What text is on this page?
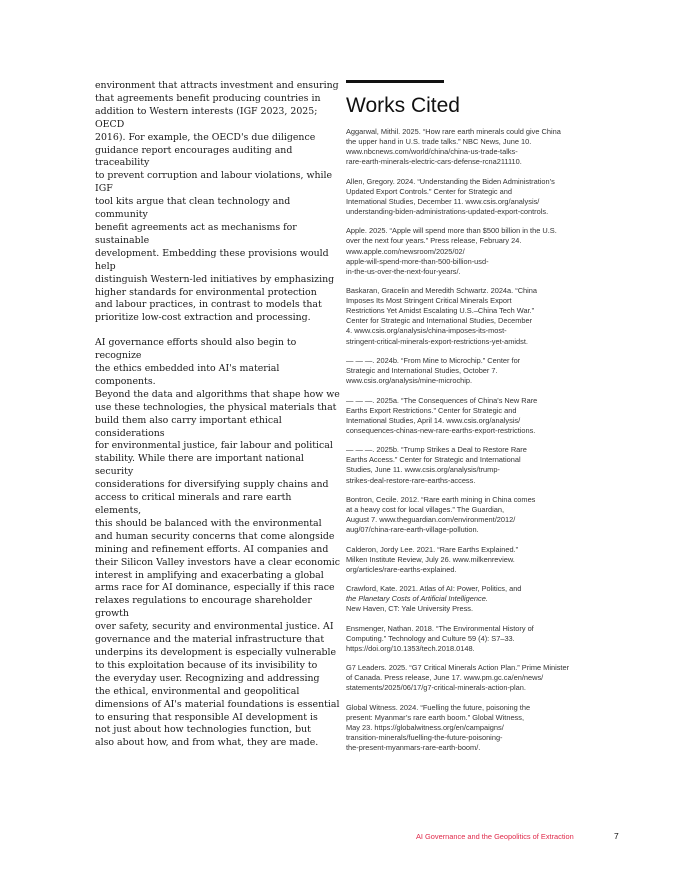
environment that attracts investment and ensuring
that agreements benefit producing countries in
addition to Western interests (IGF 2023, 2025; OECD
2016). For example, the OECD's due diligence
guidance report encourages auditing and traceability
to prevent corruption and labour violations, while IGF
tool kits argue that clean technology and community
benefit agreements act as mechanisms for sustainable
development. Embedding these provisions would help
distinguish Western-led initiatives by emphasizing
higher standards for environmental protection
and labour practices, in contrast to models that
prioritize low-cost extraction and processing.

AI governance efforts should also begin to recognize
the ethics embedded into AI's material components.
Beyond the data and algorithms that shape how we
use these technologies, the physical materials that
build them also carry important ethical considerations
for environmental justice, fair labour and political
stability. While there are important national security
considerations for diversifying supply chains and
access to critical minerals and rare earth elements,
this should be balanced with the environmental
and human security concerns that come alongside
mining and refinement efforts. AI companies and
their Silicon Valley investors have a clear economic
interest in amplifying and exacerbating a global
arms race for AI dominance, especially if this race
relaxes regulations to encourage shareholder growth
over safety, security and environmental justice. AI
governance and the material infrastructure that
underpins its development is especially vulnerable
to this exploitation because of its invisibility to
the everyday user. Recognizing and addressing
the ethical, environmental and geopolitical
dimensions of AI's material foundations is essential
to ensuring that responsible AI development is
not just about how technologies function, but
also about how, and from what, they are made.

Works Cited
Aggarwal, Mithil. 2025. “How rare earth minerals could give China
the upper hand in U.S. trade talks.” NBC News, June 10.
www.nbcnews.com/world/china/china-us-trade-talks-
rare-earth-minerals-electric-cars-defense-rcna211110.
Allen, Gregory. 2024. “Understanding the Biden Administration’s
Updated Export Controls.” Center for Strategic and
International Studies, December 11. www.csis.org/analysis/
understanding-biden-administrations-updated-export-controls.
Apple. 2025. “Apple will spend more than $500 billion in the U.S.
over the next four years.” Press release, February 24.
www.apple.com/newsroom/2025/02/
apple-will-spend-more-than-500-billion-usd-
in-the-us-over-the-next-four-years/.
Baskaran, Gracelin and Meredith Schwartz. 2024a. “China
Imposes Its Most Stringent Critical Minerals Export
Restrictions Yet Amidst Escalating U.S.–China Tech War.”
Center for Strategic and International Studies, December
4. www.csis.org/analysis/china-imposes-its-most-
stringent-critical-minerals-export-restrictions-yet-amidst.
— — —. 2024b. “From Mine to Microchip.” Center for
Strategic and International Studies, October 7.
www.csis.org/analysis/mine-microchip.
— — —. 2025a. “The Consequences of China’s New Rare
Earths Export Restrictions.” Center for Strategic and
International Studies, April 14. www.csis.org/analysis/
consequences-chinas-new-rare-earths-export-restrictions.
— — —. 2025b. “Trump Strikes a Deal to Restore Rare
Earths Access.” Center for Strategic and International
Studies, June 11. www.csis.org/analysis/trump-
strikes-deal-restore-rare-earths-access.
Bontron, Cecile. 2012. “Rare earth mining in China comes
at a heavy cost for local villages.” The Guardian,
August 7. www.theguardian.com/environment/2012/
aug/07/china-rare-earth-village-pollution.
Calderon, Jordy Lee. 2021. “Rare Earths Explained.”
Milken Institute Review, July 26. www.milkenreview.
org/articles/rare-earths-explained.
Crawford, Kate. 2021. Atlas of AI: Power, Politics, and
the Planetary Costs of Artificial Intelligence.
New Haven, CT: Yale University Press.
Ensmenger, Nathan. 2018. “The Environmental History of
Computing.” Technology and Culture 59 (4): S7–33.
https://doi.org/10.1353/tech.2018.0148.
G7 Leaders. 2025. “G7 Critical Minerals Action Plan.” Prime Minister
of Canada. Press release, June 17. www.pm.gc.ca/en/news/
statements/2025/06/17/g7-critical-minerals-action-plan.
Global Witness. 2024. “Fuelling the future, poisoning the
present: Myanmar’s rare earth boom.” Global Witness,
May 23. https://globalwitness.org/en/campaigns/
transition-minerals/fuelling-the-future-poisoning-
the-present-myanmars-rare-earth-boom/.
AI Governance and the Geopolitics of Extraction	7
